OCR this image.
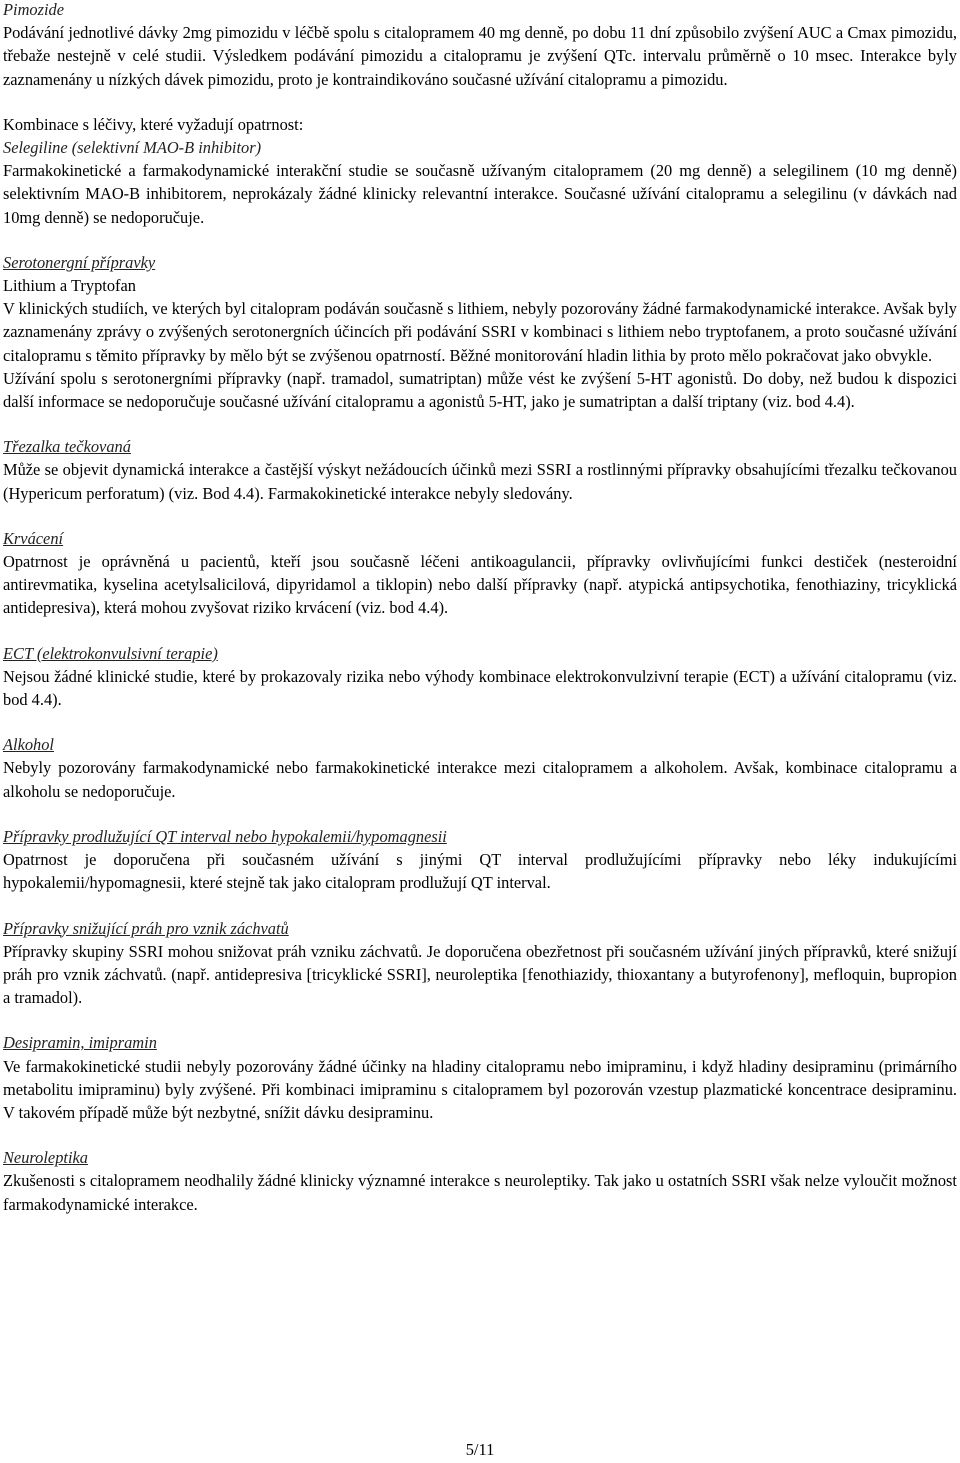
Pimozide

Podávání jednotlivé dávky 2mg pimozidu v léčbě spolu s citalopramem 40 mg denně, po dobu 11 dní způsobilo zvýšení AUC a Cmax pimozidu, třebaže nestejně v celé studii. Výsledkem podávání pimozidu a citalopramu je zvýšení QTc. intervalu průměrně o 10 msec. Interakce byly zaznamenány u nízkých dávek pimozidu, proto je kontraindikováno současné užívání citalopramu a pimozidu.

Kombinace s léčivy, které vyžadují opatrnost:
Selegiline (selektivní MAO-B inhibitor)

Farmakokinetické a farmakodynamické interakční studie se současně užívaným citalopramem (20 mg denně) a selegilinem (10 mg denně) selektivním MAO-B inhibitorem, neprokázaly žádné klinicky relevantní interakce. Současné užívání citalopramu a selegilinu (v dávkách nad 10mg denně) se nedoporučuje.

Serotonergní přípravky
Lithium a Tryptofan

V klinických studiích, ve kterých byl citalopram podáván současně s lithiem, nebyly pozorovány žádné farmakodynamické interakce. Avšak byly zaznamenány zprávy o zvýšených serotonergních účincích při podávání SSRI v kombinaci s lithiem nebo tryptofanem, a proto současné užívání citalopramu s těmito přípravky by mělo být se zvýšenou opatrností. Běžné monitorování hladin lithia by proto mělo pokračovat jako obvykle.

Užívání spolu s serotonergními přípravky (např. tramadol, sumatriptan) může vést ke zvýšení 5-HT agonistů. Do doby, než budou k dispozici další informace se nedoporučuje současné užívání citalopramu a agonistů 5-HT, jako je sumatriptan a další triptany (viz. bod 4.4).

Třezalka tečkovaná

Může se objevit dynamická interakce a častější výskyt nežádoucích účinků mezi SSRI a rostlinnými přípravky obsahujícími třezalku tečkovanou (Hypericum perforatum) (viz. Bod 4.4). Farmakokinetické interakce nebyly sledovány.

Krvácení

Opatrnost je oprávněná u pacientů, kteří jsou současně léčeni antikoagulancii, přípravky ovlivňujícími funkci destiček (nesteroidní antirevmatika, kyselina acetylsalicilová, dipyridamol a tiklopin) nebo další přípravky (např. atypická antipsychotika, fenothiaziny, tricyklická antidepresiva), která mohou zvyšovat riziko krvácení (viz. bod 4.4).

ECT (elektrokonvulsivní terapie)

Nejsou žádné klinické studie, které by prokazovaly rizika nebo výhody kombinace elektrokonvulzivní terapie (ECT) a užívání citalopramu (viz. bod 4.4).

Alkohol

Nebyly pozorovány farmakodynamické nebo farmakokinetické interakce mezi citalopramem a alkoholem. Avšak, kombinace citalopramu a alkoholu se nedoporučuje.

Přípravky prodlužující QT interval nebo hypokalemii/hypomagnesii

Opatrnost je doporučena při současném užívání s jinými QT interval prodlužujícími přípravky nebo léky indukujícími hypokalemii/hypomagnesii, které stejně tak jako citalopram prodlužují QT interval.

Přípravky snižující práh pro vznik záchvatů

Přípravky skupiny SSRI mohou snižovat práh vzniku záchvatů. Je doporučena obezřetnost při současném užívání jiných přípravků, které snižují práh pro vznik záchvatů. (např. antidepresiva [tricyklické SSRI], neuroleptika [fenothiazidy, thioxantany a butyrofenony], mefloquin, bupropion a tramadol).

Desipramin, imipramin

Ve farmakokinetické studii nebyly pozorovány žádné účinky na hladiny citalopramu nebo imipraminu, i když hladiny desipraminu (primárního metabolitu imipraminu) byly zvýšené. Při kombinaci imipraminu s citalopramem byl pozorován vzestup plazmatické koncentrace desipraminu. V takovém případě může být nezbytné, snížit dávku desipraminu.

Neuroleptika

Zkušenosti s citalopramem neodhalily žádné klinicky významné interakce s neuroleptiky. Tak jako u ostatních SSRI však nelze vyloučit možnost farmakodynamické interakce.

5/11
